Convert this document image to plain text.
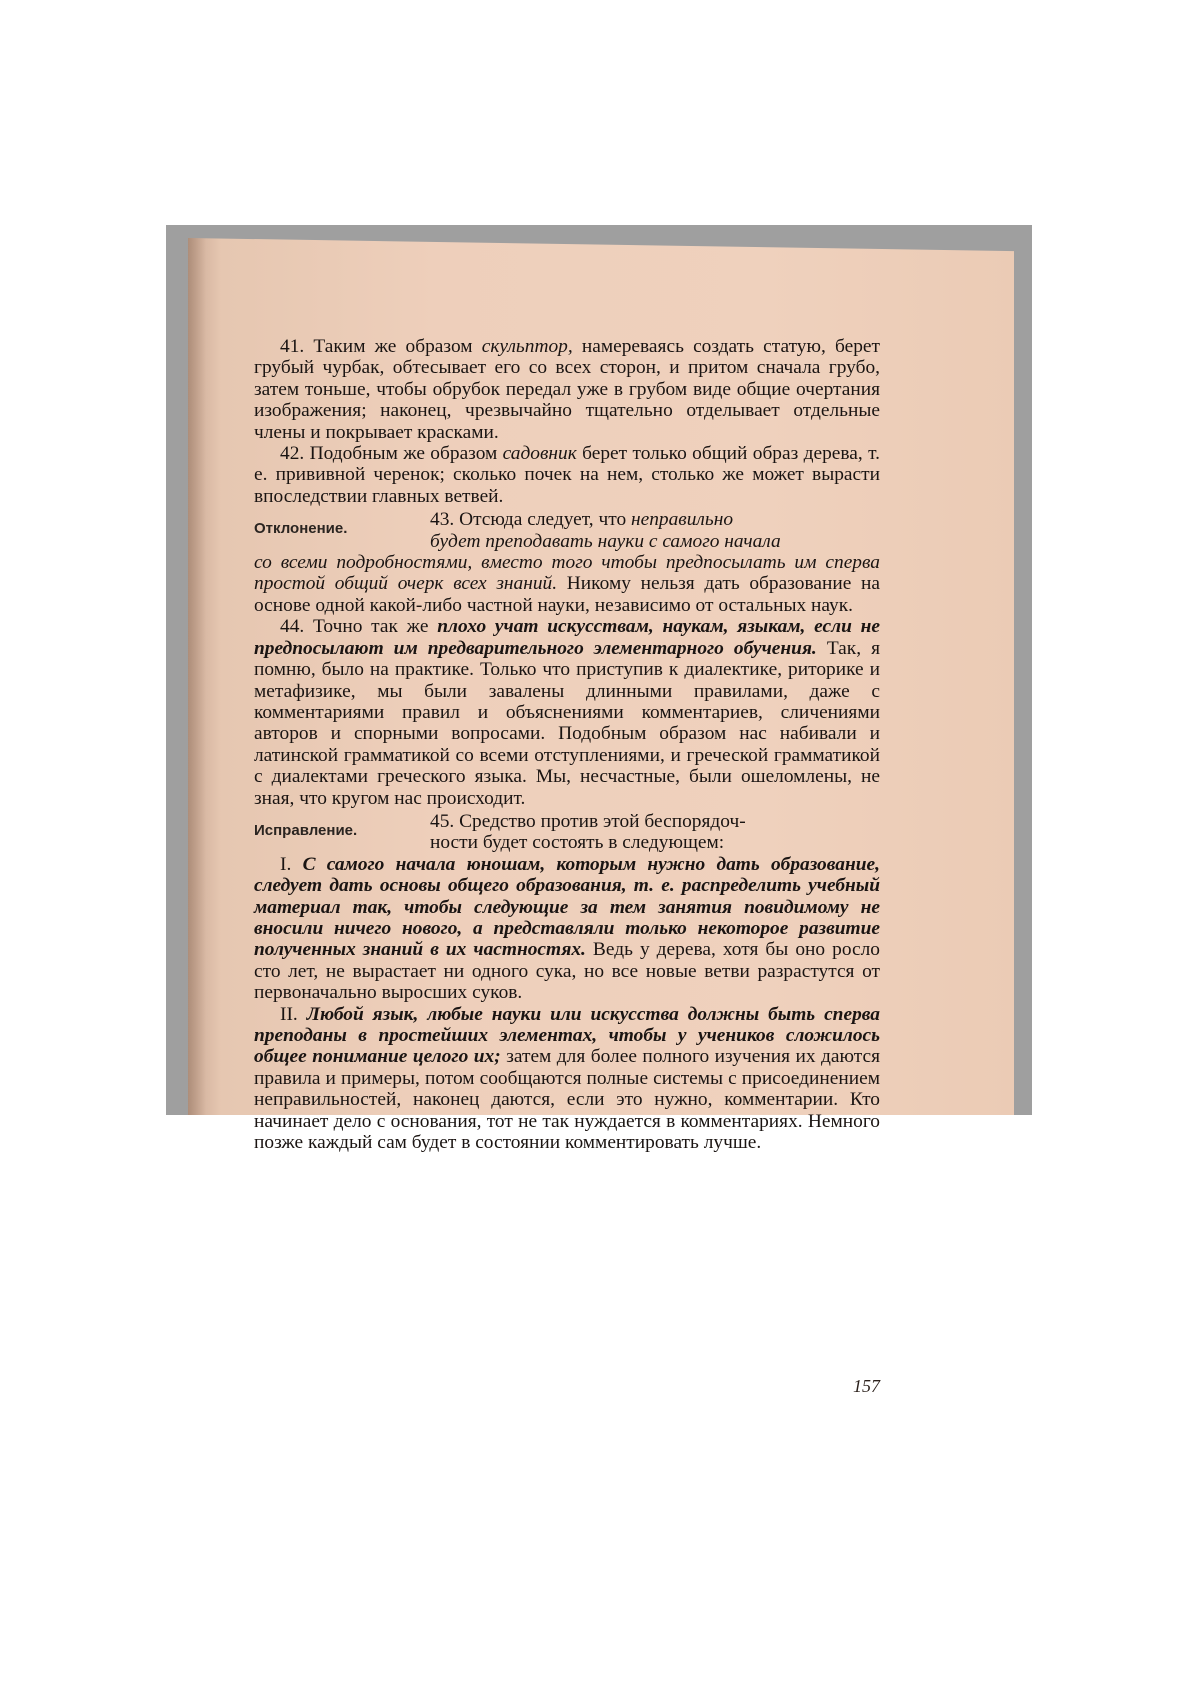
41. Таким же образом скульптор, намереваясь создать статую, берет грубый чурбак, обтесывает его со всех сторон, и притом сначала грубо, затем тоньше, чтобы обрубок передал уже в грубом виде общие очертания изображения; наконец, чрезвычайно тщательно отделывает отдельные члены и покрывает красками.

42. Подобным же образом садовник берет только общий образ дерева, т. е. прививной черенок; сколько почек на нем, столько же может вырасти впоследствии главных ветвей.

Отклонение.	43. Отсюда следует, что неправильно
будет преподавать науки с самого начала

со всеми подробностями, вместо того чтобы предпосылать им сперва простой общий очерк всех знаний. Никому нельзя дать образование на основе одной какой-либо частной науки, независимо от остальных наук.

44. Точно так же плохо учат искусствам, наукам, языкам, если не предпосылают им предварительного элементарного обучения. Так, я помню, было на практике. Только что приступив к диалектике, риторике и метафизике, мы были завалены длинными правилами, даже с комментариями правил и объяснениями комментариев, сличениями авторов и спорными вопросами. Подобным образом нас набивали и латинской грамматикой со всеми отступлениями, и греческой грамматикой с диалектами греческого языка. Мы, несчастные, были ошеломлены, не зная, что кругом нас происходит.

Исправление.	45. Средство против этой беспорядоч-
ности будет состоять в следующем:

I. С самого начала юношам, которым нужно дать образование, следует дать основы общего образования, т. е. распределить учебный материал так, чтобы следующие за тем занятия повидимому не вносили ничего нового, а представляли только некоторое развитие полученных знаний в их частностях. Ведь у дерева, хотя бы оно росло сто лет, не вырастает ни одного сука, но все новые ветви разрастутся от первоначально выросших суков.

II. Любой язык, любые науки или искусства должны быть сперва преподаны в простейших элементах, чтобы у учеников сложилось общее понимание целого их; затем для более полного изучения их даются правила и примеры, потом сообщаются полные системы с присоединением неправильностей, наконец даются, если это нужно, комментарии. Кто начинает дело с основания, тот не так нуждается в комментариях. Немного позже каждый сам будет в состоянии комментировать лучше.

157
